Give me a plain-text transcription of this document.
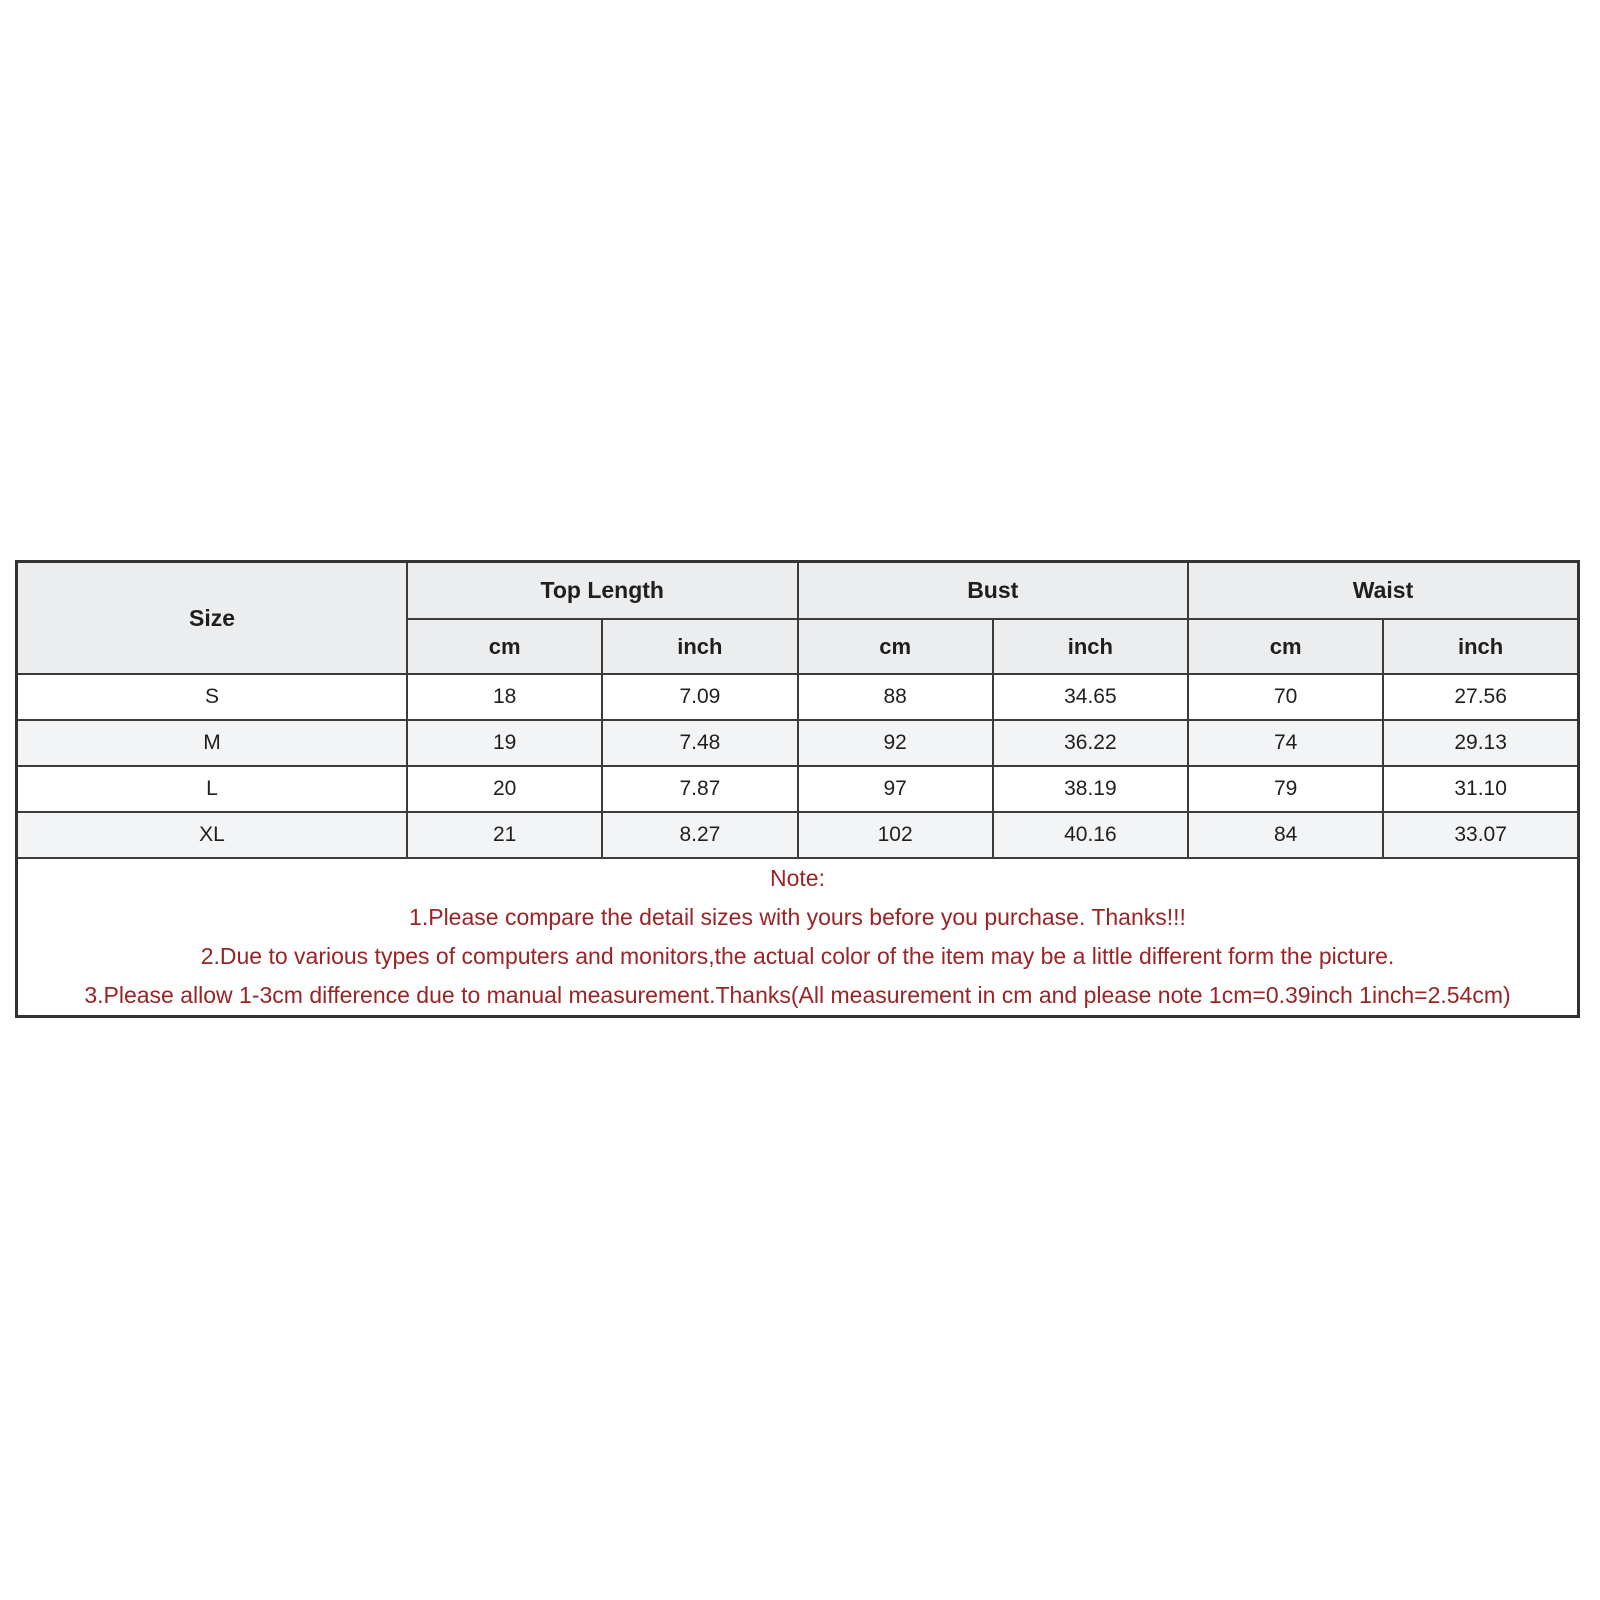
Size	Top Length		Bust		Waist	
	cm	inch	cm	inch	cm	inch
S	18	7.09	88	34.65	70	27.56
M	19	7.48	92	36.22	74	29.13
L	20	7.87	97	38.19	79	31.10
XL	21	8.27	102	40.16	84	33.07

Note:
1.Please compare the detail sizes with yours before you purchase. Thanks!!!
2.Due to various types of computers and monitors,the actual color of the item may be a little different form the picture.
3.Please allow 1-3cm difference due to manual measurement.Thanks(All measurement in cm and please note 1cm=0.39inch 1inch=2.54cm)						
